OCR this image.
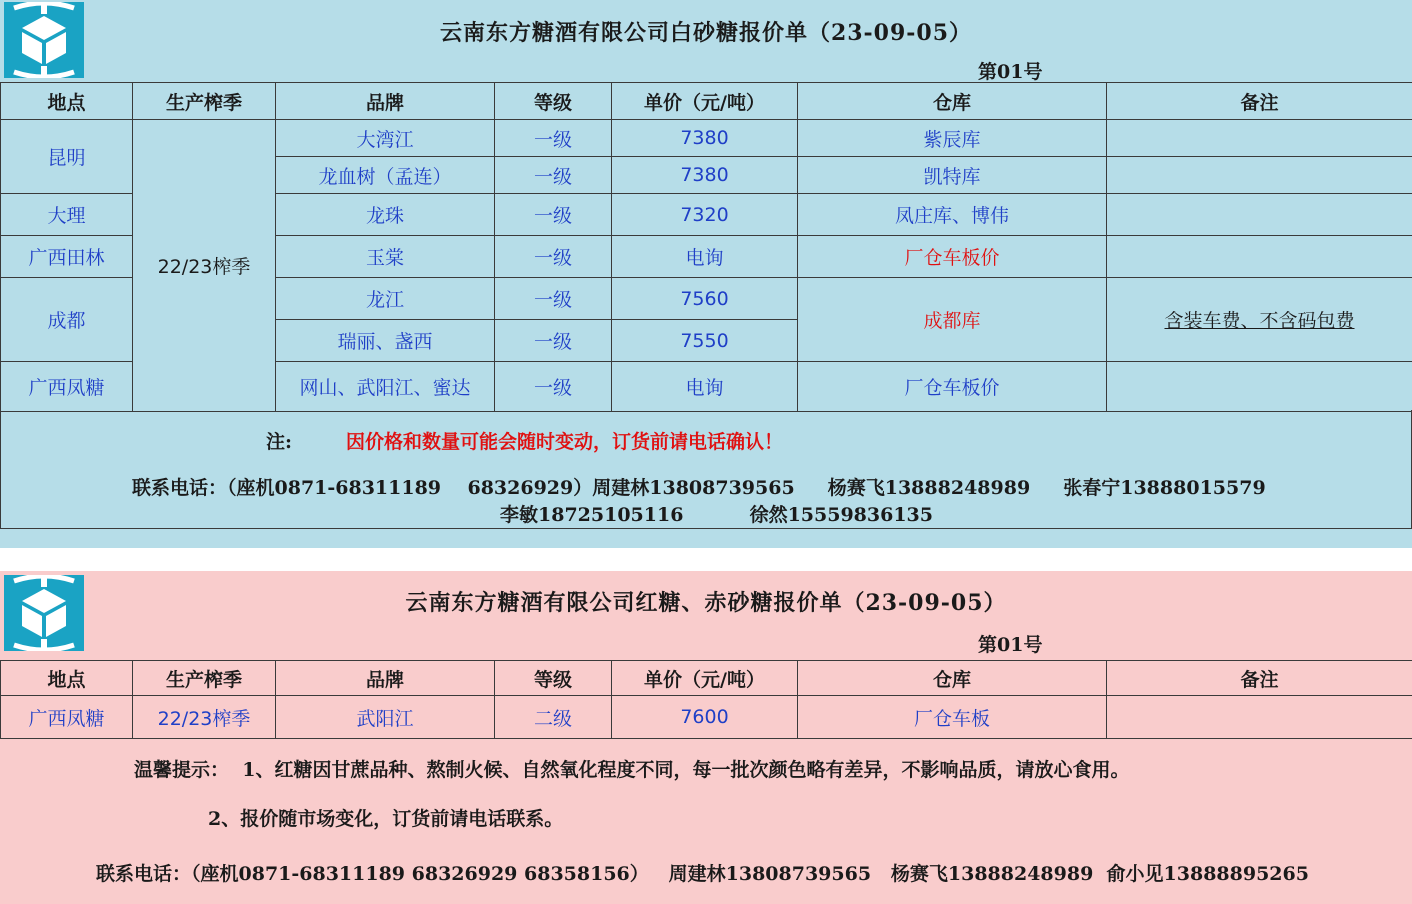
云南东方糖酒有限公司白砂糖报价单（23-09-05）
第01号
地点	生产榨季	品牌	等级	单价（元/吨）	仓库	备注
昆明	22/23榨季	大湾江	一级	7380	紫辰库	
		龙血树（孟连）	一级	7380	凯特库	
大理		龙珠	一级	7320	凤庄库、博伟	
广西田林		玉棠	一级	电询	厂仓车板价	
成都		龙江	一级	7560	成都库	含装车费、不含码包费
		瑞丽、盏西	一级	7550		
广西凤糖		网山、武阳江、蜜达	一级	电询	厂仓车板价	
注:	因价格和数量可能会随时变动，订货前请电话确认！
联系电话：（座机0871-68311189    68326929）周建林13808739565     杨赛飞13888248989     张春宁13888015579
李敏18725105116          徐然15559836135
云南东方糖酒有限公司红糖、赤砂糖报价单（23-09-05）
第01号
地点	生产榨季	品牌	等级	单价（元/吨）	仓库	备注
广西凤糖	22/23榨季	武阳江	二级	7600	厂仓车板	
温馨提示：  1、红糖因甘蔗品种、熬制火候、自然氧化程度不同，每一批次颜色略有差异，不影响品质，请放心食用。
2、报价随市场变化，订货前请电话联系。
联系电话：（座机0871-68311189 68326929 68358156）   周建林13808739565   杨赛飞13888248989  俞小见13888895265
